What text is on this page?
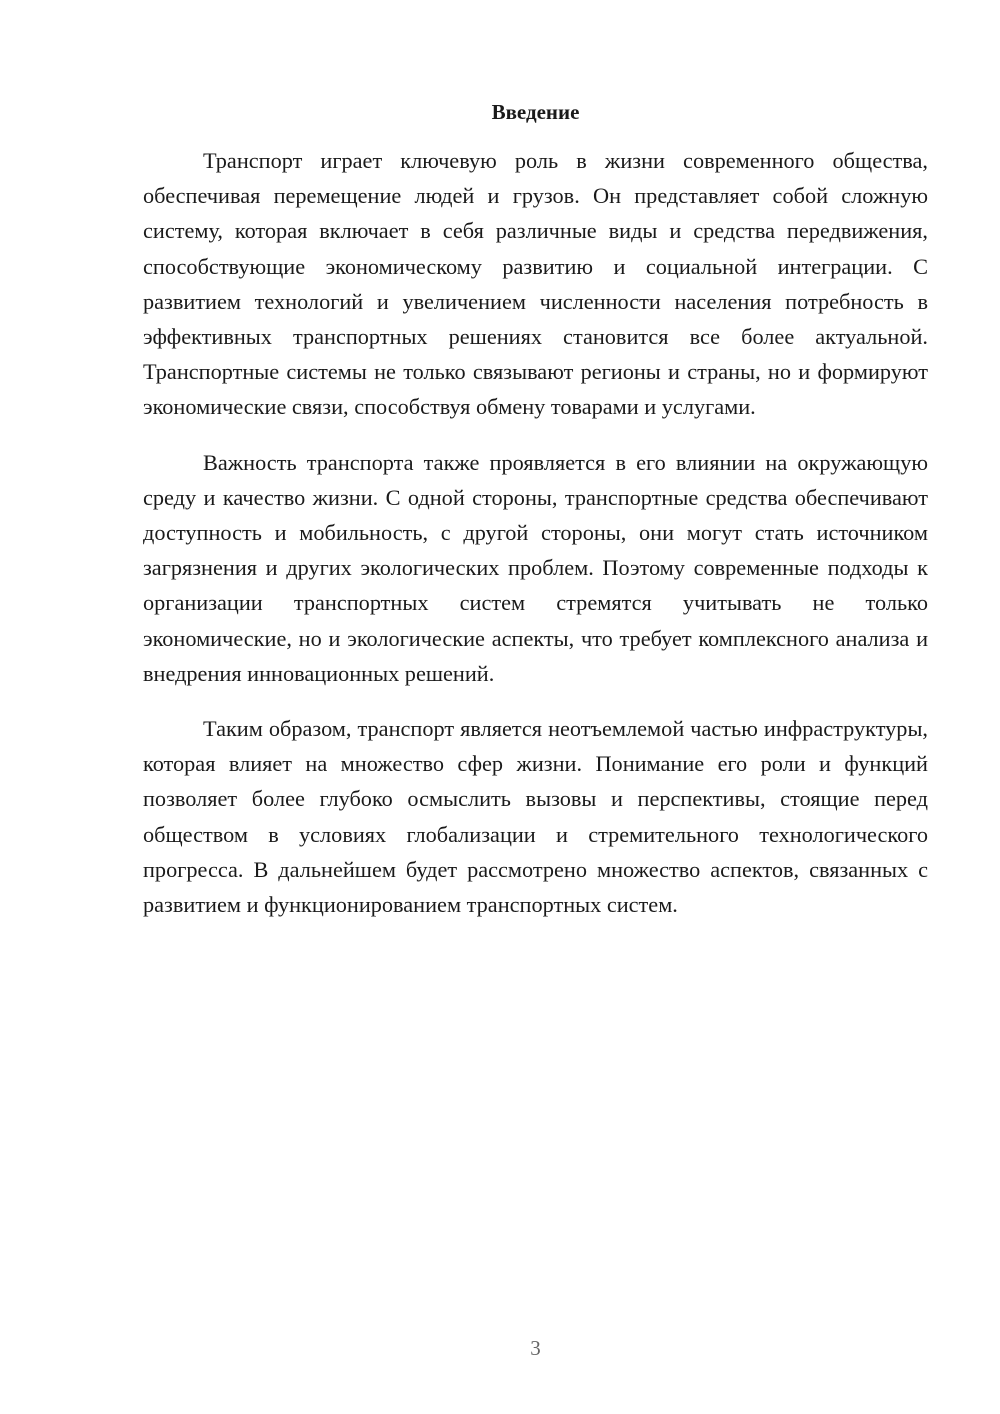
Введение

Транспорт играет ключевую роль в жизни современного общества, обеспечивая перемещение людей и грузов. Он представляет собой сложную систему, которая включает в себя различные виды и средства передвижения, способствующие экономическому развитию и социальной интеграции. С развитием технологий и увеличением численности населения потребность в эффективных транспортных решениях становится все более актуальной. Транспортные системы не только связывают регионы и страны, но и формируют экономические связи, способствуя обмену товарами и услугами.

Важность транспорта также проявляется в его влиянии на окружающую среду и качество жизни. С одной стороны, транспортные средства обеспечивают доступность и мобильность, с другой стороны, они могут стать источником загрязнения и других экологических проблем. Поэтому современные подходы к организации транспортных систем стремятся учитывать не только экономические, но и экологические аспекты, что требует комплексного анализа и внедрения инновационных решений.

Таким образом, транспорт является неотъемлемой частью инфраструктуры, которая влияет на множество сфер жизни. Понимание его роли и функций позволяет более глубоко осмыслить вызовы и перспективы, стоящие перед обществом в условиях глобализации и стремительного технологического прогресса. В дальнейшем будет рассмотрено множество аспектов, связанных с развитием и функционированием транспортных систем.

3
